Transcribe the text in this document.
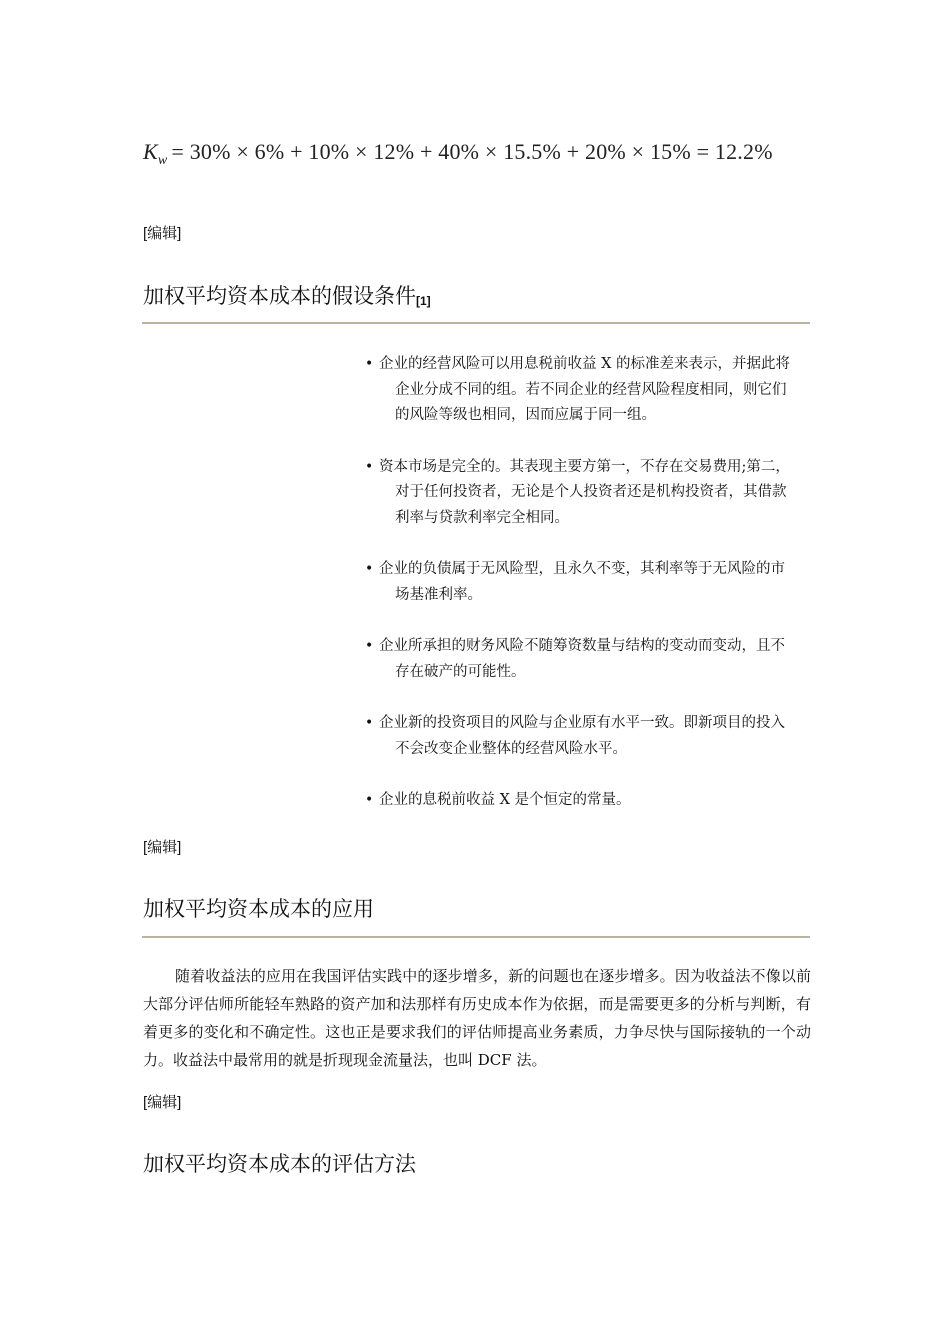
$K_w = 30\% \times 6\% + 10\% \times 12\% + 40\% \times 15.5\% + 20\% \times 15\% = 12.2\%$
[编辑]
加权平均资本成本的假设条件[1]
• 企业的经营风险可以用息税前收益 X 的标准差来表示，并据此将企业分成不同的组。若不同企业的经营风险程度相同，则它们的风险等级也相同，因而应属于同一组。
• 资本市场是完全的。其表现主要方第一，不存在交易费用;第二，对于任何投资者，无论是个人投资者还是机构投资者，其借款利率与贷款利率完全相同。
• 企业的负债属于无风险型，且永久不变，其利率等于无风险的市场基准利率。
• 企业所承担的财务风险不随筹资数量与结构的变动而变动，且不存在破产的可能性。
• 企业新的投资项目的风险与企业原有水平一致。即新项目的投入不会改变企业整体的经营风险水平。
• 企业的息税前收益 X 是个恒定的常量。
[编辑]
加权平均资本成本的应用
随着收益法的应用在我国评估实践中的逐步增多，新的问题也在逐步增多。因为收益法不像以前大部分评估师所能轻车熟路的资产加和法那样有历史成本作为依据，而是需要更多的分析与判断，有着更多的变化和不确定性。这也正是要求我们的评估师提高业务素质，力争尽快与国际接轨的一个动力。收益法中最常用的就是折现现金流量法，也叫 DCF 法。
[编辑]
加权平均资本成本的评估方法
